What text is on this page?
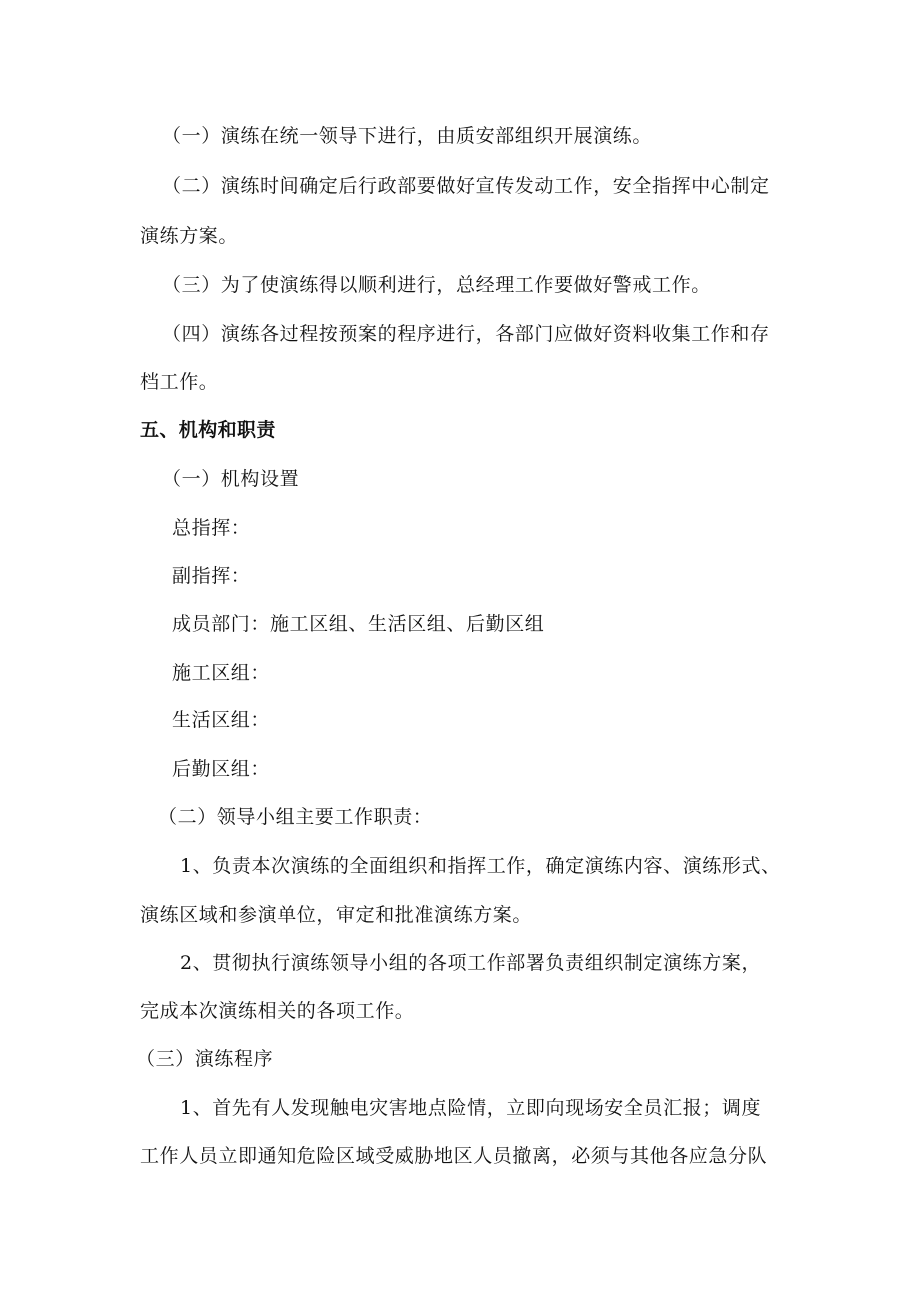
（一）演练在统一领导下进行，由质安部组织开展演练。
（二）演练时间确定后行政部要做好宣传发动工作，安全指挥中心制定
演练方案。
（三）为了使演练得以顺利进行，总经理工作要做好警戒工作。
（四）演练各过程按预案的程序进行，各部门应做好资料收集工作和存
档工作。
五、机构和职责
（一）机构设置
总指挥：
副指挥：
成员部门：施工区组、生活区组、后勤区组
施工区组：
生活区组：
后勤区组：
（二）领导小组主要工作职责：
1、负责本次演练的全面组织和指挥工作，确定演练内容、演练形式、
演练区域和参演单位，审定和批准演练方案。
2、贯彻执行演练领导小组的各项工作部署负责组织制定演练方案，
完成本次演练相关的各项工作。
（三）演练程序
1、首先有人发现触电灾害地点险情，立即向现场安全员汇报；调度
工作人员立即通知危险区域受威胁地区人员撤离，必须与其他各应急分队
